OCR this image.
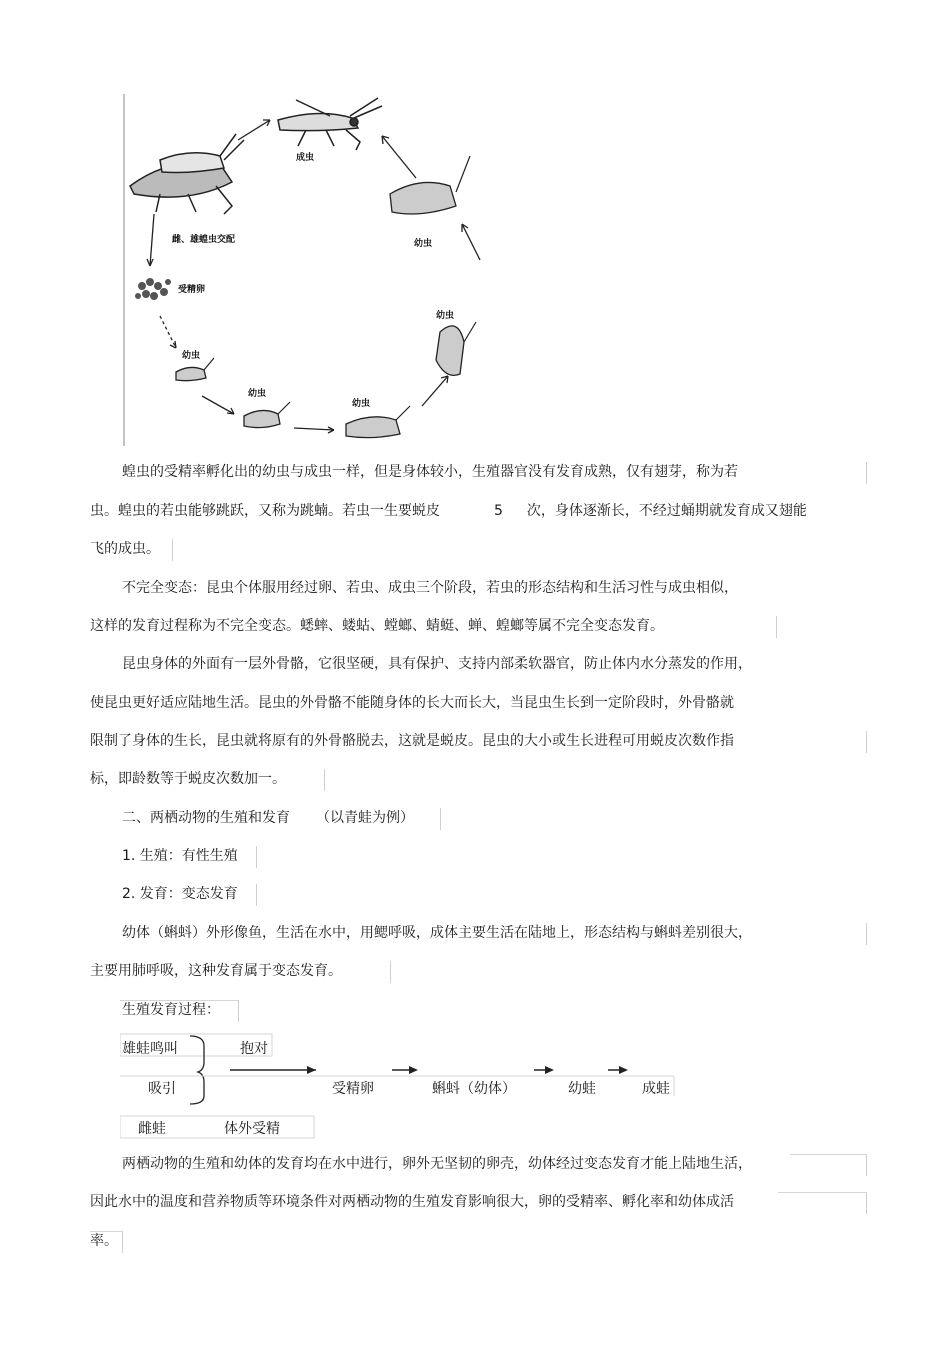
成虫
雌、雄蝗虫交配
受精卵
幼虫
幼虫
幼虫
幼虫
幼虫
蝗虫的受精率孵化出的幼虫与成虫一样，但是身体较小，生殖器官没有发育成熟，仅有翅芽，称为若
虫。蝗虫的若虫能够跳跃，又称为跳蝻。若虫一生要蜕皮	5 次，身体逐渐长，不经过蛹期就发育成又翅能
飞的成虫。
不完全变态：昆虫个体服用经过卵、若虫、成虫三个阶段，若虫的形态结构和生活习性与成虫相似，
这样的发育过程称为不完全变态。蟋蟀、蝼蛄、螳螂、蜻蜓、蝉、蝗螂等属不完全变态发育。
昆虫身体的外面有一层外骨骼，它很坚硬，具有保护、支持内部柔软器官，防止体内水分蒸发的作用，
使昆虫更好适应陆地生活。昆虫的外骨骼不能随身体的长大而长大，当昆虫生长到一定阶段时，外骨骼就
限制了身体的生长，昆虫就将原有的外骨骼脱去，这就是蜕皮。昆虫的大小或生长进程可用蜕皮次数作指
标，即龄数等于蜕皮次数加一。
二、两栖动物的生殖和发育 （以青蛙为例）
1. 生殖：有性生殖
2. 发育：变态发育
幼体（蝌蚪）外形像鱼，生活在水中，用鳃呼吸，成体主要生活在陆地上，形态结构与蝌蚪差别很大，
主要用肺呼吸，这种发育属于变态发育。
生殖发育过程：
雄蛙鸣叫	抱对
吸引	受精卵	蝌蚪（幼体）	幼蛙	成蛙
雌蛙	体外受精
两栖动物的生殖和幼体的发育均在水中进行，卵外无坚韧的卵壳，幼体经过变态发育才能上陆地生活，
因此水中的温度和营养物质等环境条件对两栖动物的生殖发育影响很大，卵的受精率、孵化率和幼体成活
率。
